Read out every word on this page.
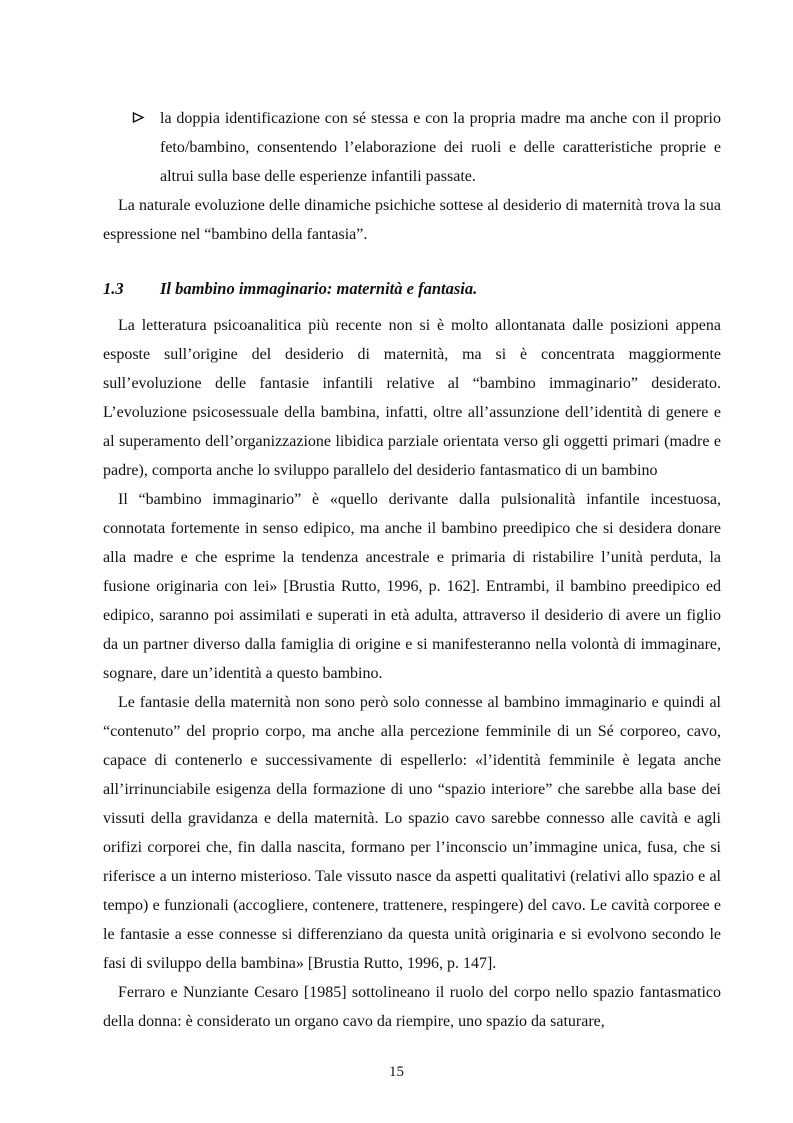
la doppia identificazione con sé stessa e con la propria madre ma anche con il proprio feto/bambino, consentendo l’elaborazione dei ruoli e delle caratteristiche proprie e altrui sulla base delle esperienze infantili passate.

La naturale evoluzione delle dinamiche psichiche sottese al desiderio di maternità trova la sua espressione nel “bambino della fantasia”.

1.3	Il bambino immaginario: maternità e fantasia.

La letteratura psicoanalitica più recente non si è molto allontanata dalle posizioni appena esposte sull’origine del desiderio di maternità, ma si è concentrata maggiormente sull’evoluzione delle fantasie infantili relative al “bambino immaginario” desiderato. L’evoluzione psicosessuale della bambina, infatti, oltre all’assunzione dell’identità di genere e al superamento dell’organizzazione libidica parziale orientata verso gli oggetti primari (madre e padre), comporta anche lo sviluppo parallelo del desiderio fantasmatico di un bambino

Il “bambino immaginario” è «quello derivante dalla pulsionalità infantile incestuosa, connotata fortemente in senso edipico, ma anche il bambino preedipico che si desidera donare alla madre e che esprime la tendenza ancestrale e primaria di ristabilire l’unità perduta, la fusione originaria con lei» [Brustia Rutto, 1996, p. 162]. Entrambi, il bambino preedipico ed edipico, saranno poi assimilati e superati in età adulta, attraverso il desiderio di avere un figlio da un partner diverso dalla famiglia di origine e si manifesteranno nella volontà di immaginare, sognare, dare un’identità a questo bambino.

Le fantasie della maternità non sono però solo connesse al bambino immaginario e quindi al “contenuto” del proprio corpo, ma anche alla percezione femminile di un Sé corporeo, cavo, capace di contenerlo e successivamente di espellerlo: «l’identità femminile è legata anche all’irrinunciabile esigenza della formazione di uno “spazio interiore” che sarebbe alla base dei vissuti della gravidanza e della maternità. Lo spazio cavo sarebbe connesso alle cavità e agli orifizi corporei che, fin dalla nascita, formano per l’inconscio un’immagine unica, fusa, che si riferisce a un interno misterioso. Tale vissuto nasce da aspetti qualitativi (relativi allo spazio e al tempo) e funzionali (accogliere, contenere, trattenere, respingere) del cavo. Le cavità corporee e le fantasie a esse connesse si differenziano da questa unità originaria e si evolvono secondo le fasi di sviluppo della bambina» [Brustia Rutto, 1996, p. 147].

Ferraro e Nunziante Cesaro [1985] sottolineano il ruolo del corpo nello spazio fantasmatico della donna: è considerato un organo cavo da riempire, uno spazio da saturare,

15
